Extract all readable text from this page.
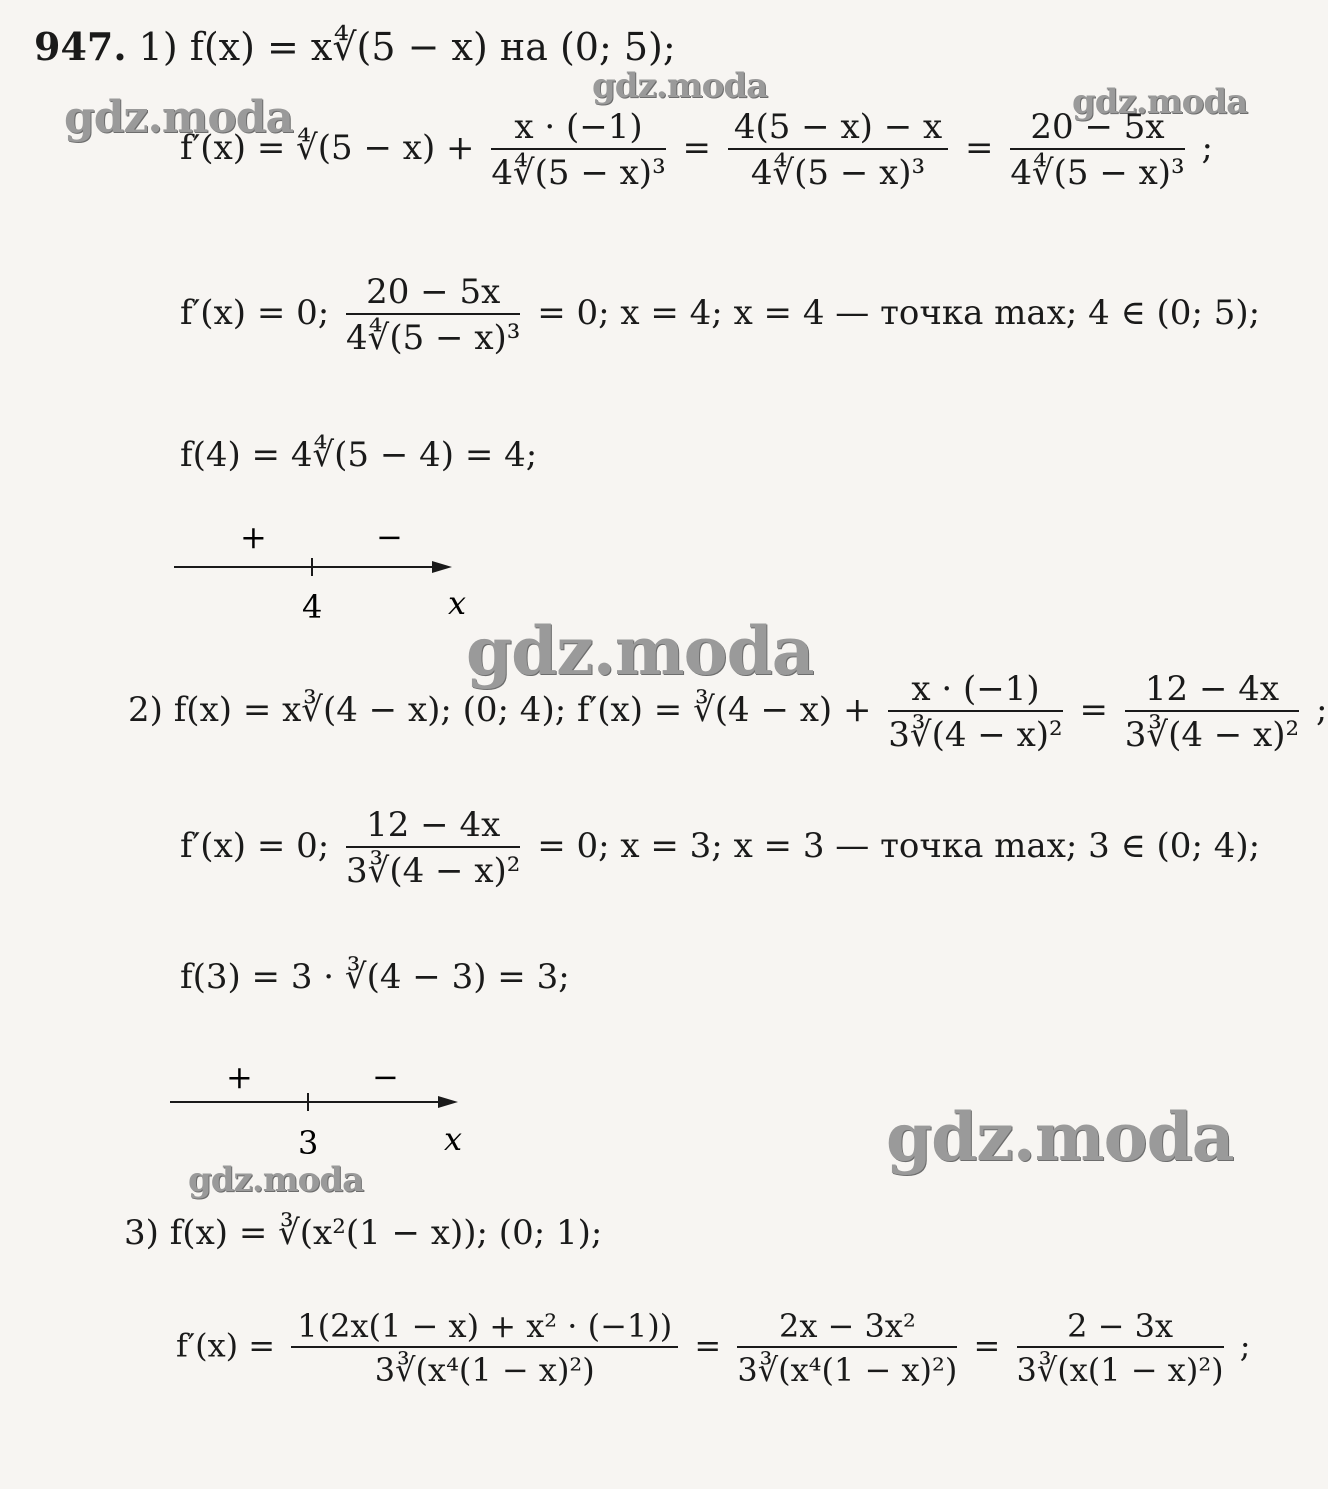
gdz.moda
gdz.moda	gdz.moda
gdz.moda
gdz.moda
gdz.moda
947. 1) f(x) = x∜(5 − x) на (0; 5);
f′(x) = ∜(5 − $x) + \frac{x \cdot (-1)}{\text{4∜(5 − x)³}} = \frac{4(5 - x) - x}{\text{4∜(5 − x)³}} = \frac{20 - 5x}{\text{4∜(5 − x)³}}$ ;
f′(x) = 0; $\frac{20 - 5x}{\text{4∜(5 − x)³}} = 0$; x = 4; x = 4 — точка max; 4 ∈ (0; 5);
f(4) = 4∜(5 − 4) = 4;
+	−
4	x
2) f(x) = x∛(4 − x); (0; 4); f′(x) = ∛(4 − $x) + \frac{x \cdot (-1)}{\text{3∛(4 − x)²}} = \frac{12 - 4x}{\text{3∛(4 − x)²}}$ ;
f′(x) = 0; $\frac{12 - 4x}{\text{3∛(4 − x)²}} = 0$; x = 3; x = 3 — точка max; 3 ∈ (0; 4);
f(3) = 3 · ∛(4 − 3) = 3;
+	−
3	x
3) f(x) = ∛(x²(1 − x)); (0; 1);
$f'(x) = \frac{\text{1(2x(1 − x) + x² · (−1))}}{\text{3∛(x⁴(1 − x)²)}} = \frac{\text{2x − 3x²}}{\text{3∛(x⁴(1 − x)²)}} = \frac{2 - 3x}{\text{3∛(x(1 − x)²)}}$ ;
